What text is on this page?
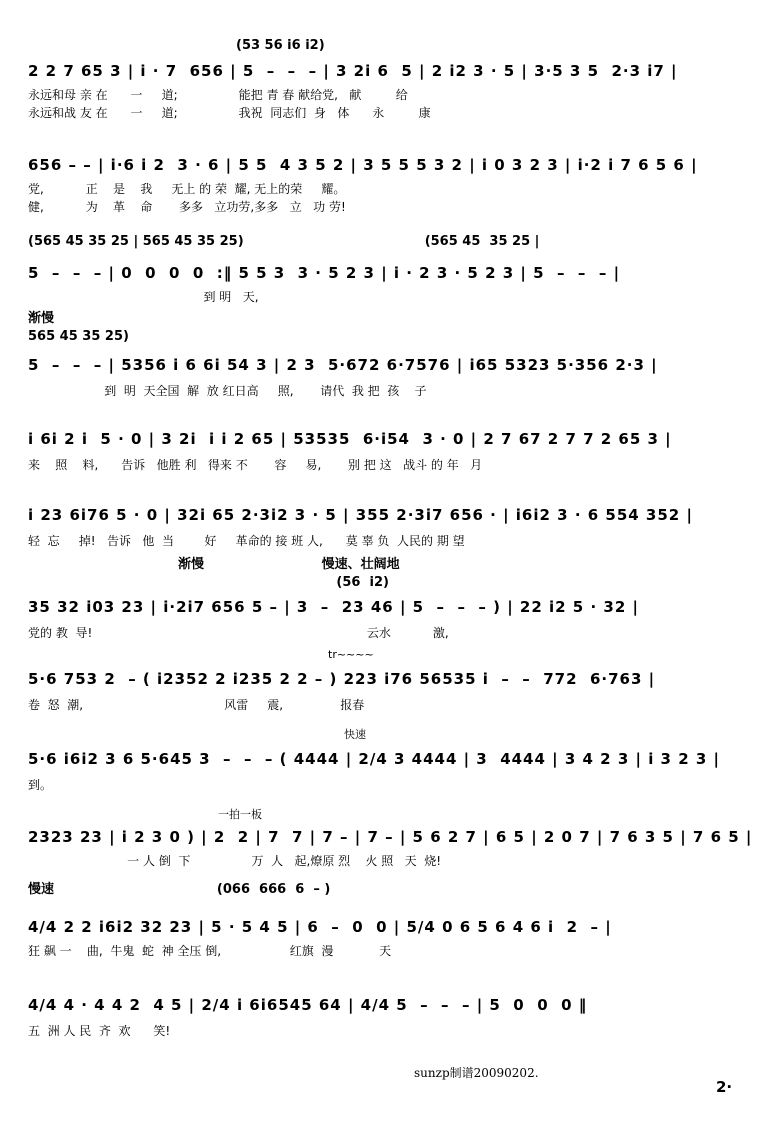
(53 56 i6 i2)
2 2 7 65 3 | i · 7  656 | 5  –  –  – | 3 2i 6  5 | 2 i2 3 · 5 | 3·5 3 5  2·3 i7 |
永远和母 亲 在      一     道;                能把 青 春 献给党,   献         给
永远和战 友 在      一     道;                我祝  同志们  身   体      永         康
656 – – | i·6 i 2  3 · 6 | 5 5  4 3 5 2 | 3 5 5 5 3 2 | i 0 3 2 3 | i·2 i 7 6 5 6 |
党,           正    是    我     无上 的 荣  耀, 无上的荣     耀。
健,           为    革    命       多多   立功劳,多多   立   功 劳!
(565 45 35 25 | 565 45 35 25)                                        (565 45  35 25 |
5  –  –  – | 0  0  0  0  :‖ 5 5 3  3 · 5 2 3 | i · 2 3 · 5 2 3 | 5  –  –  – |
到 明   天,
渐慢
565 45 35 25)
5  –  –  – | 5356 i 6 6i 54 3 | 2 3  5·672 6·7576 | i65 5323 5·356 2·3 |
到  明  天全国  解  放 红日高     照,       请代  我 把  孩    子
i 6i 2 i  5 · 0 | 3 2i  i i 2 65 | 53535  6·i54  3 · 0 | 2 7 67 2 7 7 2 65 3 |
来    照    料,      告诉   他胜 利   得来 不       容     易,       别 把 这   战斗 的 年   月
i 23 6i76 5 · 0 | 32i 65 2·3i2 3 · 5 | 355 2·3i7 656 · | i6i2 3 · 6 554 352 |
轻  忘     掉!   告诉   他  当        好     革命的 接 班 人,      莫 辜 负  人民的 期 望
渐慢                          慢速、壮阔地
(56  i2)
35 32 i03 23 | i·2i7 656 5 – | 3  –  23 46 | 5  –  –  – ) | 22 i2 5 · 32 |
党的 教  导!                                                                        云水           激,
tr~~~~
5·6 753 2  – ( i2352 2 i235 2 2 – ) 223 i76 56535 i  –  –  772  6·763 |
卷  怒  潮,                                     风雷     震,               报春
快速
5·6 i6i2 3 6 5·645 3  –  –  – ( 4444 | 2/4 3 4444 | 3  4444 | 3 4 2 3 | i 3 2 3 |
到。
一拍一板
2323 23 | i 2 3 0 ) | 2  2 | 7  7 | 7 – | 7 – | 5 6 2 7 | 6 5 | 2 0 7 | 7 6 3 5 | 7 6 5 |
一 人 倒  下                万  人   起,燎原 烈    火 照   天  烧!
慢速                                    (066  666  6  – )
4/4 2 2 i6i2 32 23 | 5 · 5 4 5 | 6  –  0  0 | 5/4 0 6 5 6 4 6 i  2  – |
狂 飙 一    曲,  牛鬼  蛇  神 全压 倒,                  红旗  漫            天
4/4 4 · 4 4 2  4 5 | 2/4 i 6i6545 64 | 4/4 5  –  –  – | 5  0  0  0 ‖
五  洲 人 民  齐  欢      笑!
sunzp制谱20090202.
2·
